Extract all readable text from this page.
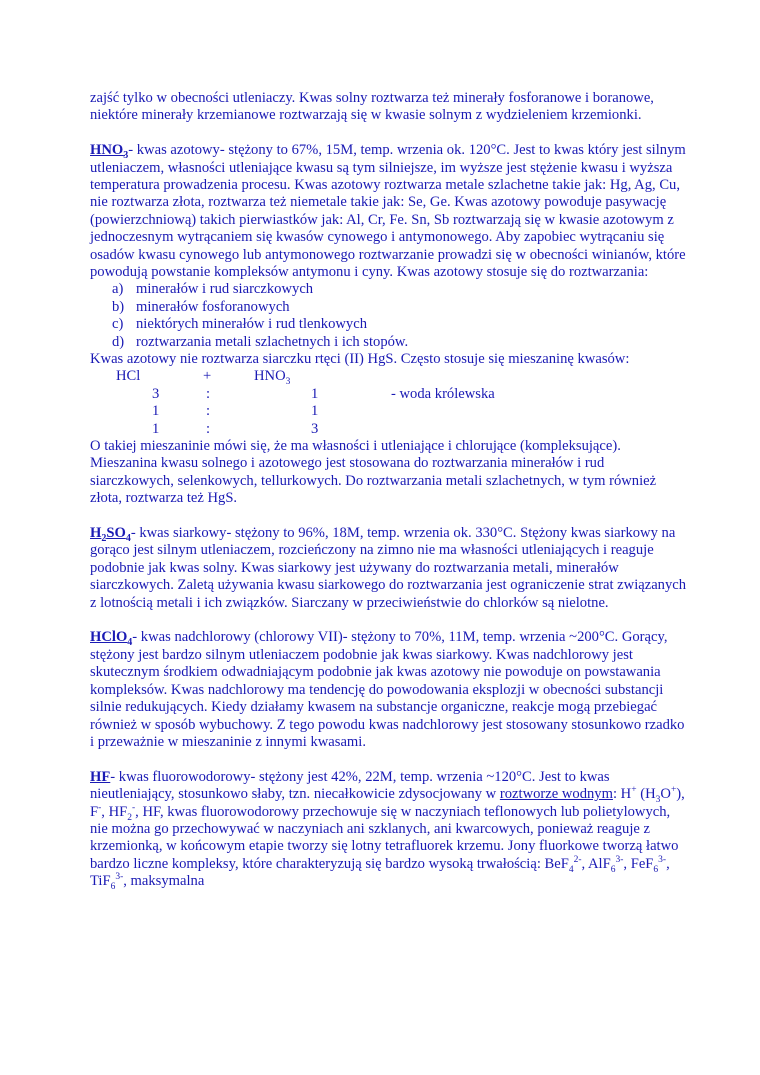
zajść tylko w obecności utleniaczy. Kwas solny roztwarza też minerały fosforanowe i boranowe, niektóre minerały krzemianowe roztwarzają się w kwasie solnym z wydzieleniem krzemionki.

$HNO_3-$ kwas azotowy- stężony to 67%, 15M, temp. wrzenia ok. 120°C. Jest to kwas który jest silnym utleniaczem, własności utleniające kwasu są tym silniejsze, im wyższe jest stężenie kwasu i wyższa temperatura prowadzenia procesu. Kwas azotowy roztwarza metale szlachetne takie jak: Hg, Ag, Cu, nie roztwarza złota, roztwarza też niemetale takie jak: Se, Ge. Kwas azotowy powoduje pasywację (powierzchniową) takich pierwiastków jak: Al, Cr, Fe. Sn, Sb roztwarzają się w kwasie azotowym z jednoczesnym wytrącaniem się kwasów cynowego i antymonowego. Aby zapobiec wytrącaniu się osadów kwasu cynowego lub antymonowego roztwarzanie prowadzi się w obecności winianów, które powodują powstanie kompleksów antymonu i cyny. Kwas azotowy stosuje się do roztwarzania:

a) minerałów i rud siarczkowych
b) minerałów fosforanowych
c) niektórych minerałów i rud tlenkowych
d) roztwarzania metali szlachetnych i ich stopów.

Kwas azotowy nie roztwarza siarczku rtęci (II) HgS. Często stosuje się mieszaninę kwasów:

HCl	+	$HNO_3$
3	:	1	- woda królewska
1	:	1
1	:	3

O takiej mieszaninie mówi się, że ma własności i utleniające i chlorujące (kompleksujące). Mieszanina kwasu solnego i azotowego jest stosowana do roztwarzania minerałów i rud siarczkowych, selenkowych, tellurkowych. Do roztwarzania metali szlachetnych, w tym również złota, roztwarza też HgS.

$H_2SO_4-$ kwas siarkowy- stężony to 96%, 18M, temp. wrzenia ok. 330°C. Stężony kwas siarkowy na gorąco jest silnym utleniaczem, rozcieńczony na zimno nie ma własności utleniających i reaguje podobnie jak kwas solny. Kwas siarkowy jest używany do roztwarzania metali, minerałów siarczkowych. Zaletą używania kwasu siarkowego do roztwarzania jest ograniczenie strat związanych z lotnością metali i ich związków. Siarczany w przeciwieństwie do chlorków są nielotne.

HClO$_4$- kwas nadchlorowy (chlorowy VII)- stężony to 70%, 11M, temp. wrzenia ~200°C. Gorący, stężony jest bardzo silnym utleniaczem podobnie jak kwas siarkowy. Kwas nadchlorowy jest skutecznym środkiem odwadniającym podobnie jak kwas azotowy nie powoduje on powstawania kompleksów. Kwas nadchlorowy ma tendencję do powodowania eksplozji w obecności substancji silnie redukujących. Kiedy działamy kwasem na substancje organiczne, reakcje mogą przebiegać również w sposób wybuchowy. Z tego powodu kwas nadchlorowy jest stosowany stosunkowo rzadko i przeważnie w mieszaninie z innymi kwasami.

HF- kwas fluorowodorowy- stężony jest 42%, 22M, temp. wrzenia ~120°C. Jest to kwas nieutleniający, stosunkowo słaby, tzn. niecałkowicie zdysocjowany w roztworze wodnym: H+ $(H_3O^+)$, F-, $HF_2^-$, HF, kwas fluorowodorowy przechowuje się w naczyniach teflonowych lub polietylowych, nie można go przechowywać w naczyniach ani szklanych, ani kwarcowych, ponieważ reaguje z krzemionką, w końcowym etapie tworzy się lotny tetrafluorek krzemu. Jony fluorkowe tworzą łatwo bardzo liczne kompleksy, które charakteryzują się bardzo wysoką trwałością: BeF$_4^{2-}$, AlF$_6^{3-}$, FeF$_6^{3-}$, TiF$_6^{3-}$, maksymalna
